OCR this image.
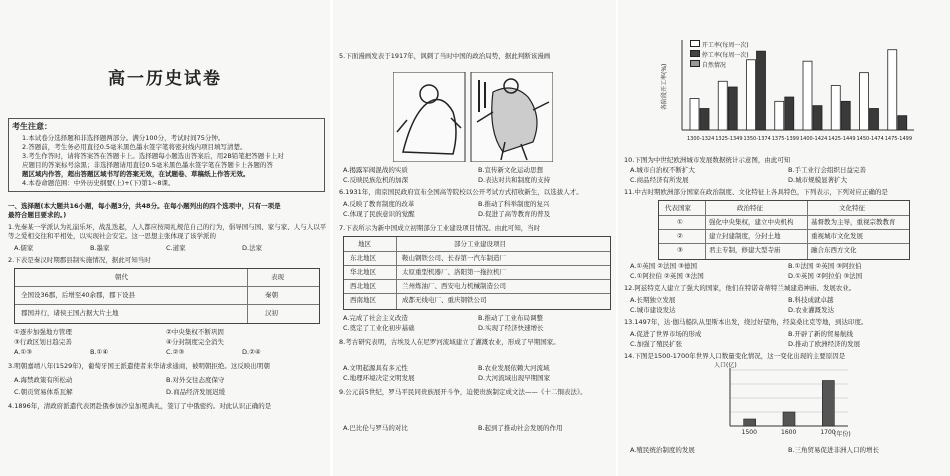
高一历史试卷
考生注意：
1.本试卷分选择题和非选择题两部分。满分100分，考试时间75分钟。
2.答题前，考生务必用直径0.5毫米黑色墨水签字笔将密封线内项目填写清楚。
3.考生作答时，请将答案答在答题卡上。选择题每小题选出答案后，用2B铅笔把答题卡上对
应题目的答案标号涂黑；非选择题请用直径0.5毫米黑色墨水签字笔在答题卡上各题的答
题区域内作答，超出答题区域书写的答案无效，在试题卷、草稿纸上作答无效。
4.本卷命题范围：中外历史纲要(上)+(下)第1~8课。
一、选择题(本大题共16小题，每小题3分，共48分。在每小题列出的四个选项中，只有一项是
最符合题目要求的。)
1.先秦某一学派认为礼崩乐坏，战乱迭起，人人都应按周礼规范自己的行为，倡导国与国、家与家、人与人以平
等之爱相交往和平相处，以实现社会安定。这一思想主张体现了该学派的
A.儒家	B.墨家	C.道家	D.法家
2.下表是秦汉时期郡县制实施情况，据此可知当时
朝代	表现
全国设36郡，后增至40余郡，郡下设县	秦朝
郡国并行，诸侯王国占据大片土地	汉初
①逐步加强地方管理	②中央集权不断巩固
③行政区划日趋完善	④分封制度完全消失
A.①③	B.①④	C.②③	D.②④
3.明朝嘉靖八年(1529年)，葡萄牙国王派遣使者来华请求通商，被明朝拒绝。这反映出明朝
A.海禁政策有所松动	B.对外交往态度保守
C.朝贡贸易体系瓦解	D.商品经济发展迟缓
4.1896年，清政府派遣代表团赴俄参加沙皇加冕典礼，签订了中俄密约。对此认识正确的是
5.下面漫画发表于1917年，讽刺了当时中国的政治局势，据此判断该漫画
A.揭露军阀混战的实质	B.宣传新文化运动思想
C.反映民族危机的加深	D.表达对共和制度的支持
6.1931年，南京国民政府宣布全国高等院校以公开考试方式招收新生，以选拔人才。
A.反映了教育制度的改革	B.推动了科举制度的复兴
C.体现了民族意识的觉醒	D.促进了高等教育的普及
7.下表所示为新中国成立初期部分工业建设项目情况。由此可知，当时
地区	部分工业建设项目
东北地区	鞍山钢铁公司、长春第一汽车制造厂
华北地区	太原重型机器厂、洛阳第一拖拉机厂
西北地区	兰州炼油厂、西安电力机械制造公司
西南地区	成都无线电厂、重庆钢铁公司
A.完成了社会主义改造	B.推动了工业布局调整
C.奠定了工业化初步基础	D.实现了经济快速增长
8.考古研究表明，古埃及人在尼罗河流域建立了灌溉农业，形成了早期国家。
A.文明起源具有多元性	B.农业发展依赖大河流域
C.地理环境决定文明发展	D.大河流域出现早期国家
9.公元前5世纪，罗马平民同贵族展开斗争，迫使贵族制定成文法——《十二铜表法》。
A.巴比伦与罗马的对比	B.起到了推动社会发展的作用
1300-1324 1325-1349 1350-1374 1375-1399 1400-1424 1425-1449 1450-1474 1475-1499
各阶段开工率(%)
开工率(每周一次)
停工率(每周一次)
自然情况
10.下图为中世纪欧洲城市发展数据统计示意图，由此可知
A.城市自治权不断扩大	B.手工业行会组织日益完善
C.商品经济有所发展	D.城市规模显著扩大
11.中古时期欧洲部分国家在政治制度、文化特征上各具特色，下列表示，下列对应正确的是
代表国家	政治特征	文化特征
①	强化中央集权，建立中央机构	基督教为主导，重视宗教教育
②	建立封建制度，分封土地	重视城市文化发展
③	君主专制，修建大型寺庙	融合东西方文化
A.①英国 ②法国 ③德国	B.①法国 ②英国 ③阿拉伯
C.①阿拉伯 ②英国 ③法国	D.①英国 ②阿拉伯 ③法国
12.阿兹特克人建立了强大的国家，他们在特诺奇蒂特兰城建造神庙、发展农业。
A.长期独立发展	B.科技成就卓越
C.城市建设发达	D.农业灌溉发达
13.1497年，达·伽马船队从里斯本出发，绕过好望角，经莫桑比克等地，到达印度。
A.促进了世界市场的形成	B.开辟了新的贸易航线
C.加强了殖民扩张	D.推动了欧洲经济的发展
14.下图是1500-1700年世界人口数量变化情况，这一变化出现的主要原因是
1500	1600	1700
人口(亿)
(年份)
A.殖民统治制度的发展	B.三角贸易促进非洲人口的增长
